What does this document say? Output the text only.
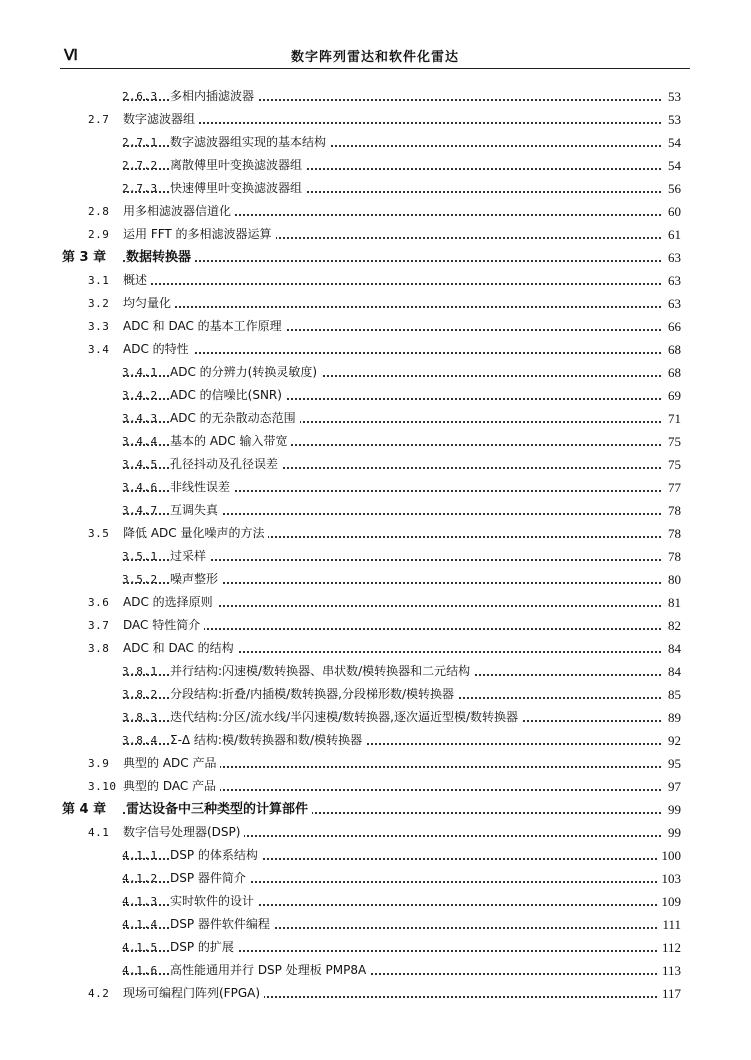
Ⅵ	数字阵列雷达和软件化雷达
2.6.3 多相内插滤波器	53
2.7 数字滤波器组	53
2.7.1 数字滤波器组实现的基本结构	54
2.7.2 离散傅里叶变换滤波器组	54
2.7.3 快速傅里叶变换滤波器组	56
2.8 用多相滤波器信道化	60
2.9 运用 FFT 的多相滤波器运算	61
第 3 章 数据转换器	63
3.1 概述	63
3.2 均匀量化	63
3.3 ADC 和 DAC 的基本工作原理	66
3.4 ADC 的特性	68
3.4.1 ADC 的分辨力(转换灵敏度)	68
3.4.2 ADC 的信噪比(SNR)	69
3.4.3 ADC 的无杂散动态范围	71
3.4.4 基本的 ADC 输入带宽	75
3.4.5 孔径抖动及孔径误差	75
3.4.6 非线性误差	77
3.4.7 互调失真	78
3.5 降低 ADC 量化噪声的方法	78
3.5.1 过采样	78
3.5.2 噪声整形	80
3.6 ADC 的选择原则	81
3.7 DAC 特性简介	82
3.8 ADC 和 DAC 的结构	84
3.8.1 并行结构:闪速模/数转换器、串状数/模转换器和二元结构	84
3.8.2 分段结构:折叠/内插模/数转换器,分段梯形数/模转换器	85
3.8.3 迭代结构:分区/流水线/半闪速模/数转换器,逐次逼近型模/数转换器	89
3.8.4 Σ-Δ 结构:模/数转换器和数/模转换器	92
3.9 典型的 ADC 产品	95
3.10 典型的 DAC 产品	97
第 4 章 雷达设备中三种类型的计算部件	99
4.1 数字信号处理器(DSP)	99
4.1.1 DSP 的体系结构	100
4.1.2 DSP 器件简介	103
4.1.3 实时软件的设计	109
4.1.4 DSP 器件软件编程	111
4.1.5 DSP 的扩展	112
4.1.6 高性能通用并行 DSP 处理板 PMP8A	113
4.2 现场可编程门阵列(FPGA)	117
